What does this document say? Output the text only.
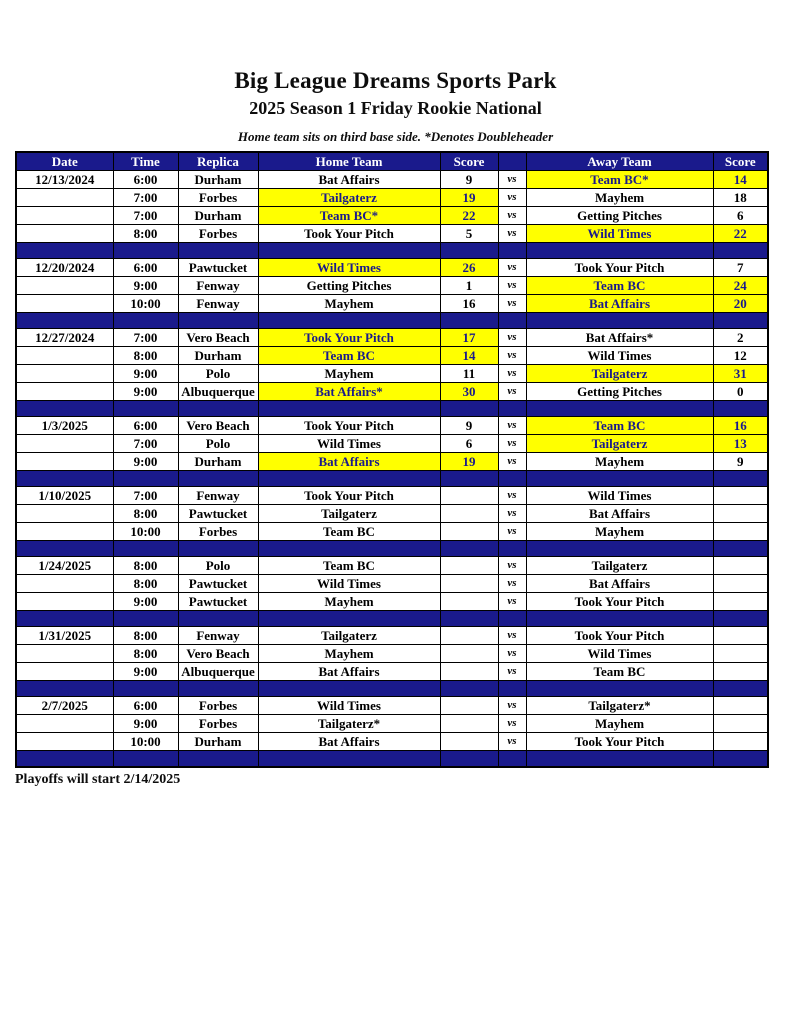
Big League Dreams Sports Park
2025 Season 1 Friday Rookie National
Home team sits on third base side. *Denotes Doubleheader
Date	Time	Replica	Home Team	Score		Away Team	Score
12/13/2024	6:00	Durham	Bat Affairs	9	vs	Team BC*	14
	7:00	Forbes	Tailgaterz	19	vs	Mayhem	18
	7:00	Durham	Team BC*	22	vs	Getting Pitches	6
	8:00	Forbes	Took Your Pitch	5	vs	Wild Times	22

12/20/2024	6:00	Pawtucket	Wild Times	26	vs	Took Your Pitch	7
	9:00	Fenway	Getting Pitches	1	vs	Team BC	24
	10:00	Fenway	Mayhem	16	vs	Bat Affairs	20

12/27/2024	7:00	Vero Beach	Took Your Pitch	17	vs	Bat Affairs*	2
	8:00	Durham	Team BC	14	vs	Wild Times	12
	9:00	Polo	Mayhem	11	vs	Tailgaterz	31
	9:00	Albuquerque	Bat Affairs*	30	vs	Getting Pitches	0

1/3/2025	6:00	Vero Beach	Took Your Pitch	9	vs	Team BC	16
	7:00	Polo	Wild Times	6	vs	Tailgaterz	13
	9:00	Durham	Bat Affairs	19	vs	Mayhem	9

1/10/2025	7:00	Fenway	Took Your Pitch		vs	Wild Times	
	8:00	Pawtucket	Tailgaterz		vs	Bat Affairs	
	10:00	Forbes	Team BC		vs	Mayhem	

1/24/2025	8:00	Polo	Team BC		vs	Tailgaterz	
	8:00	Pawtucket	Wild Times		vs	Bat Affairs	
	9:00	Pawtucket	Mayhem		vs	Took Your Pitch	

1/31/2025	8:00	Fenway	Tailgaterz		vs	Took Your Pitch	
	8:00	Vero Beach	Mayhem		vs	Wild Times	
	9:00	Albuquerque	Bat Affairs		vs	Team BC	

2/7/2025	6:00	Forbes	Wild Times		vs	Tailgaterz*	
	9:00	Forbes	Tailgaterz*		vs	Mayhem	
	10:00	Durham	Bat Affairs		vs	Took Your Pitch	

Playoffs will start 2/14/2025
